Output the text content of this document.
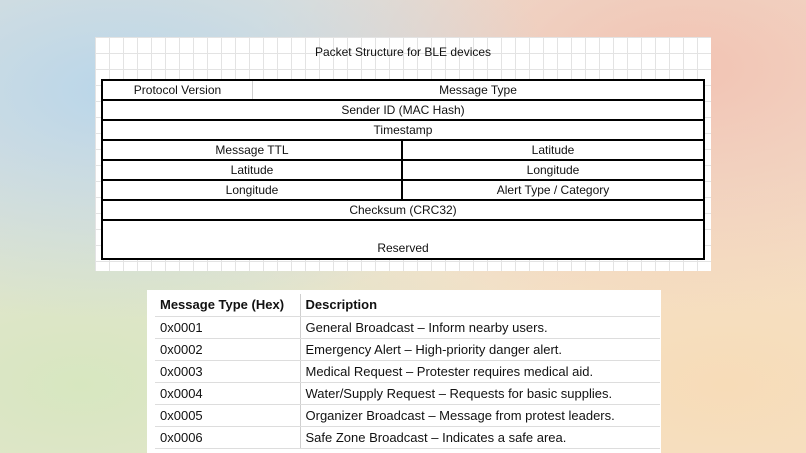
Packet Structure for BLE devices
Protocol Version	Message Type
Sender ID (MAC Hash)
Timestamp
Message TTL	Latitude
Latitude	Longitude
Longitude	Alert Type / Category
Checksum (CRC32)
Reserved
Message Type (Hex)	Description
0x0001	General Broadcast – Inform nearby users.
0x0002	Emergency Alert – High-priority danger alert.
0x0003	Medical Request – Protester requires medical aid.
0x0004	Water/Supply Request – Requests for basic supplies.
0x0005	Organizer Broadcast – Message from protest leaders.
0x0006	Safe Zone Broadcast – Indicates a safe area.
